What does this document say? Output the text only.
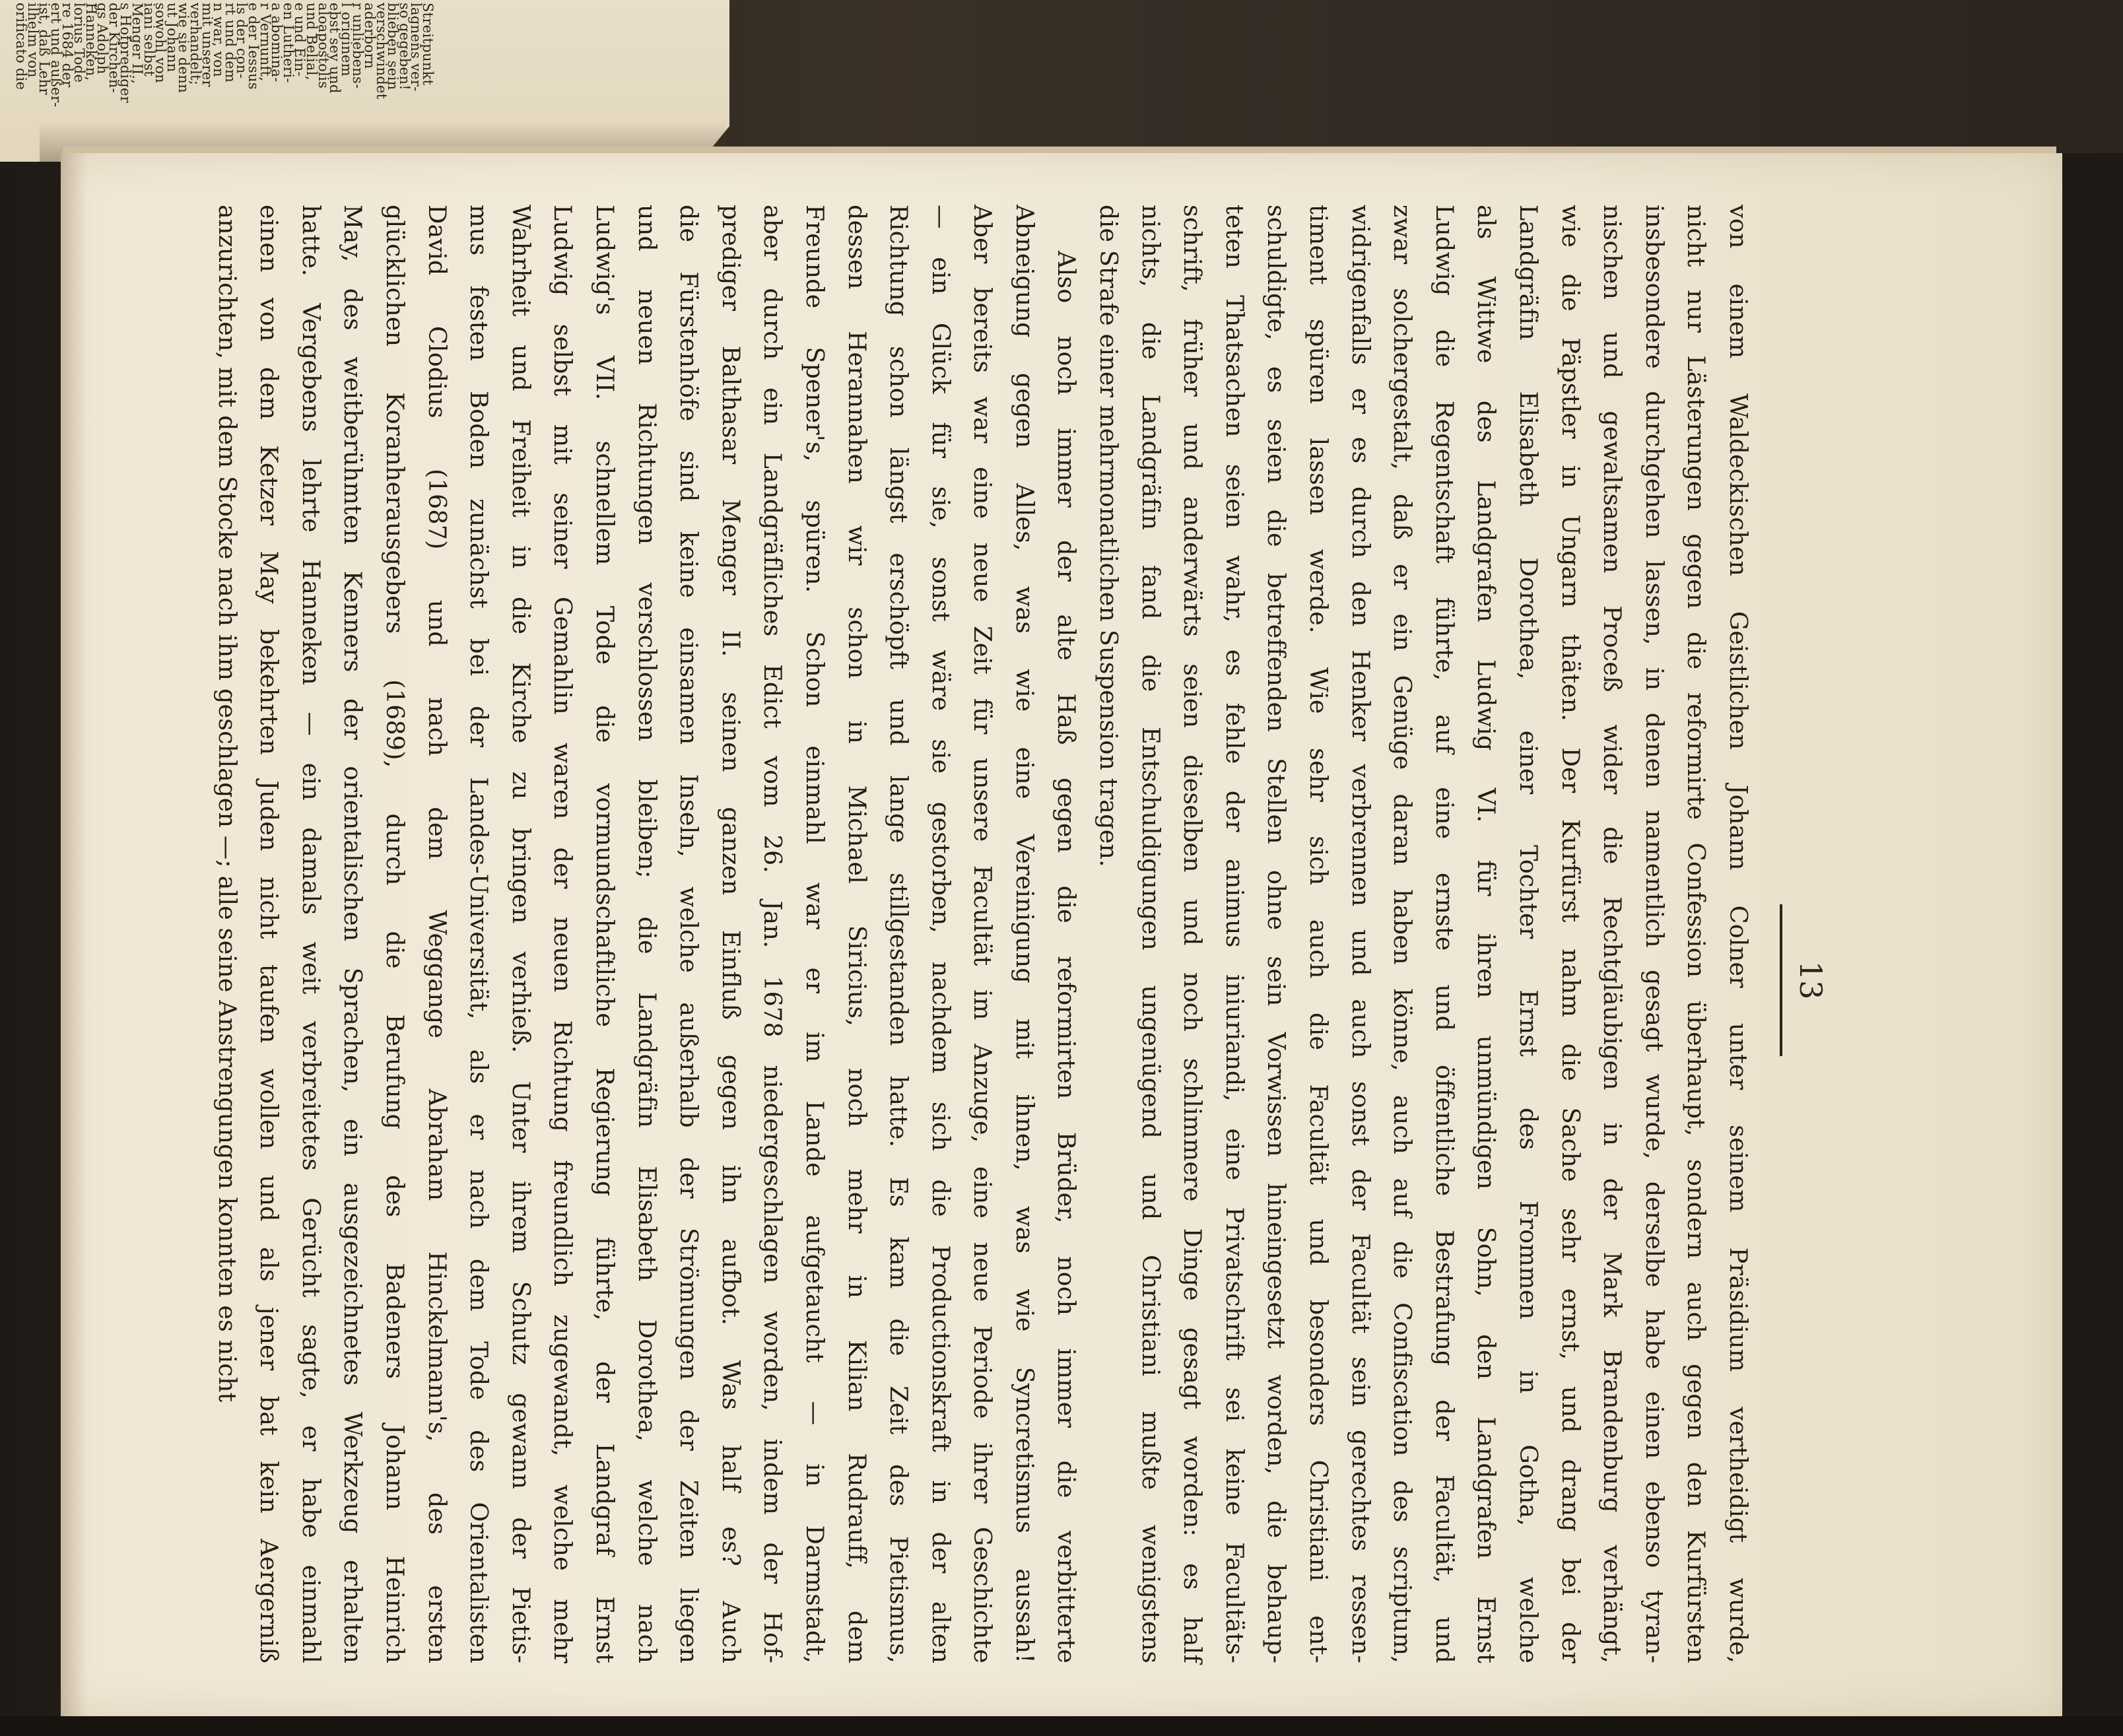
Streitpunkt
lagnens ver-
so gegeben!
blieben sein
verschwindet
aderborn
r unliebens-
l originem
ebst sey und
aloapostolis
und Belial,
e und Ein-
en Lutheri-
a abomina-
r Vernunft,
e der Iessus
ls der con-
rt und dem
n war, von
mit unserer
verhandelt;
wie sie denn
ut Johann
sowohl von
iani selbst
Menger II.,
s Hofprediger
der Kirchen-
gs Adolph
Hanneken,
lorius Tode
re 1684 der
ert und außer-
ist, daß Lehr
ilhelm von
orificato die
13
von einem Waldeckischen Geistlichen Johann Colner unter seinem Präsidium vertheidigt wurde,
nicht nur Lästerungen gegen die reformirte Confession überhaupt, sondern auch gegen den Kurfürsten
insbesondere durchgehen lassen, in denen namentlich gesagt wurde, derselbe habe einen ebenso tyran-
nischen und gewaltsamen Proceß wider die Rechtgläubigen in der Mark Brandenburg verhängt,
wie die Päpstler in Ungarn thäten. Der Kurfürst nahm die Sache sehr ernst, und drang bei der
Landgräfin Elisabeth Dorothea, einer Tochter Ernst des Frommen in Gotha, welche
als Wittwe des Landgrafen Ludwig VI. für ihren unmündigen Sohn, den Landgrafen Ernst
Ludwig die Regentschaft führte, auf eine ernste und öffentliche Bestrafung der Facultät, und
zwar solchergestalt, daß er ein Genüge daran haben könne, auch auf die Confiscation des scriptum,
widrigenfalls er es durch den Henker verbrennen und auch sonst der Facultät sein gerechtes ressen-
timent spüren lassen werde. Wie sehr sich auch die Facultät und besonders Christiani ent-
schuldigte, es seien die betreffenden Stellen ohne sein Vorwissen hineingesetzt worden, die behaup-
teten Thatsachen seien wahr, es fehle der animus iniuriandi, eine Privatschrift sei keine Facultäts-
schrift, früher und anderwärts seien dieselben und noch schlimmere Dinge gesagt worden: es half
nichts, die Landgräfin fand die Entschuldigungen ungenügend und Christiani mußte wenigstens
die Strafe einer mehrmonatlichen Suspension tragen.
Also noch immer der alte Haß gegen die reformirten Brüder, noch immer die verbitterte
Abneigung gegen Alles, was wie eine Vereinigung mit ihnen, was wie Syncretismus aussah!
Aber bereits war eine neue Zeit für unsere Facultät im Anzuge, eine neue Periode ihrer Geschichte
— ein Glück für sie, sonst wäre sie gestorben, nachdem sich die Productionskraft in der alten
Richtung schon längst erschöpft und lange stillgestanden hatte. Es kam die Zeit des Pietismus,
dessen Herannahen wir schon in Michael Siricius, noch mehr in Kilian Rudrauff, dem
Freunde Spener's, spüren. Schon einmahl war er im Lande aufgetaucht — in Darmstadt,
aber durch ein Landgräfliches Edict vom 26. Jan. 1678 niedergeschlagen worden, indem der Hof-
prediger Balthasar Menger II. seinen ganzen Einfluß gegen ihn aufbot. Was half es? Auch
die Fürstenhöfe sind keine einsamen Inseln, welche außerhalb der Strömungen der Zeiten liegen
und neuen Richtungen verschlossen bleiben; die Landgräfin Elisabeth Dorothea, welche nach
Ludwig's VII. schnellem Tode die vormundschaftliche Regierung führte, der Landgraf Ernst
Ludwig selbst mit seiner Gemahlin waren der neuen Richtung freundlich zugewandt, welche mehr
Wahrheit und Freiheit in die Kirche zu bringen verhieß. Unter ihrem Schutz gewann der Pietis-
mus festen Boden zunächst bei der Landes-Universität, als er nach dem Tode des Orientalisten
David Clodius (1687) und nach dem Weggange Abraham Hinckelmann's, des ersten
glücklichen Koranherausgebers (1689), durch die Berufung des Badeners Johann Heinrich
May, des weitberühmten Kenners der orientalischen Sprachen, ein ausgezeichnetes Werkzeug erhalten
hatte. Vergebens lehrte Hanneken — ein damals weit verbreitetes Gerücht sagte, er habe einmahl
einen von dem Ketzer May bekehrten Juden nicht taufen wollen und als jener bat kein Aergerniß
anzurichten, mit dem Stocke nach ihm geschlagen —; alle seine Anstrengungen konnten es nicht
